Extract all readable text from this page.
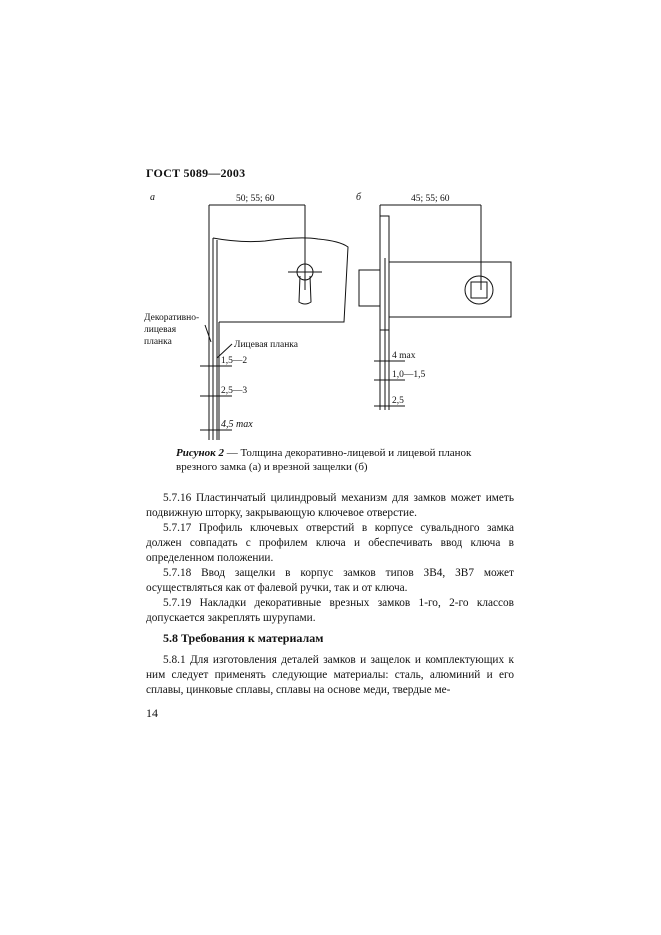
ГОСТ 5089—2003
а	б
50; 55; 60	45; 55; 60
Лицевая планка
1,5—2
2,5—3
4,5 max
4 max
1,0—1,5
2,5
Декоративно-
лицевая
планка
Рисунок 2 — Толщина декоративно-лицевой и лицевой планок врезного замка (а) и врезной защелки (б)

5.7.16 Пластинчатый цилиндровый механизм для замков может иметь подвижную шторку, закрывающую ключевое отверстие.

5.7.17 Профиль ключевых отверстий в корпусе сувальдного замка должен совпадать с профилем ключа и обеспечивать ввод ключа в определенном положении.

5.7.18 Ввод защелки в корпус замков типов ЗВ4, ЗВ7 может осуществляться как от фалевой ручки, так и от ключа.

5.7.19 Накладки декоративные врезных замков 1-го, 2-го классов допускается закреплять шурупами.

5.8 Требования к материалам

5.8.1 Для изготовления деталей замков и защелок и комплектующих к ним следует применять следующие материалы: сталь, алюминий и его сплавы, цинковые сплавы, сплавы на основе меди, твердые ме-

14
